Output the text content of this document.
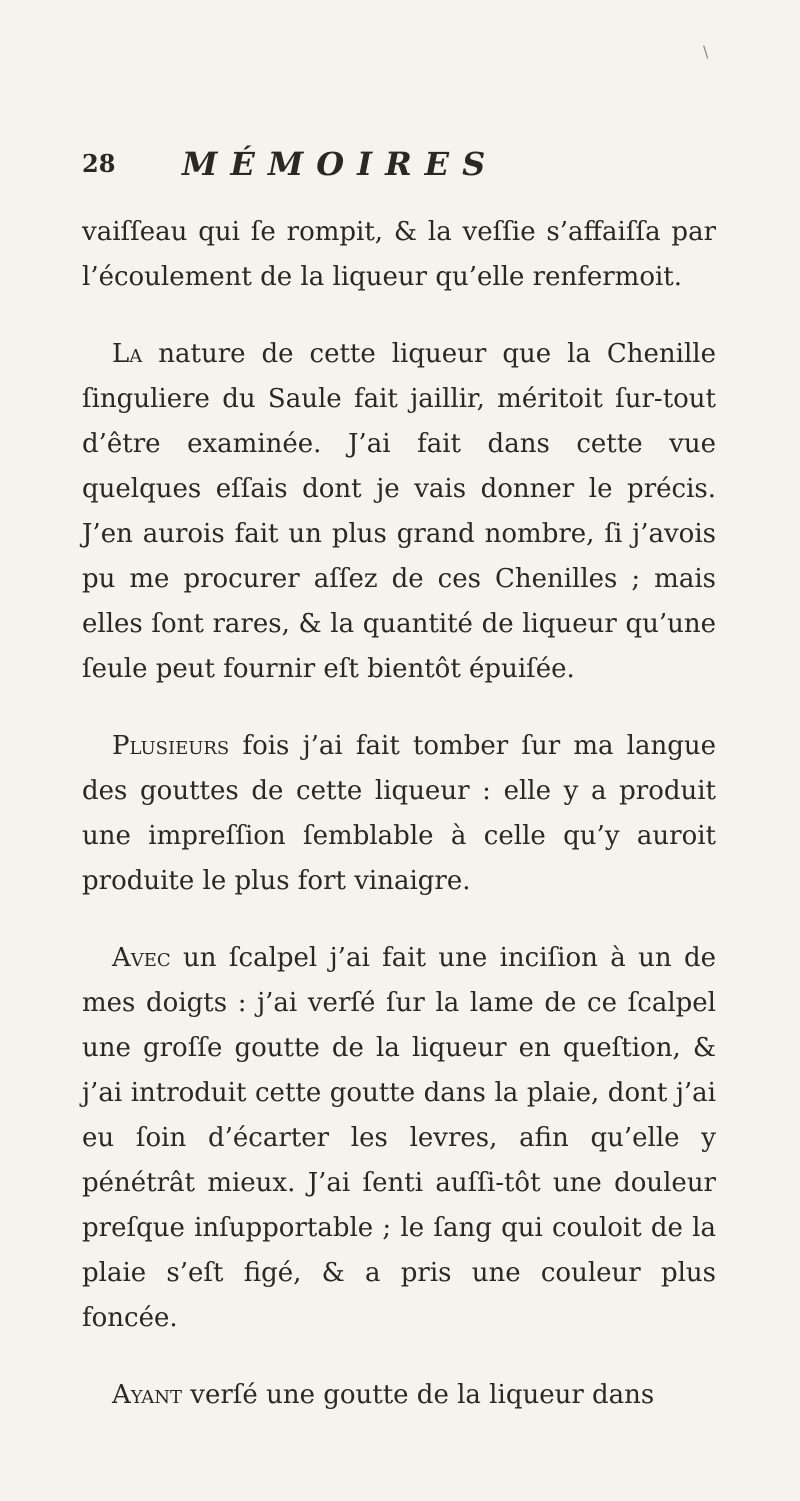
\
28 MÉMOIRES

vaiſſeau qui ſe rompit, & la veſſie s’affaiſſa par l’écoulement de la liqueur qu’elle renfermoit.

La nature de cette liqueur que la Chenille ſinguliere du Saule fait jaillir, méritoit ſur-tout d’être examinée. J’ai fait dans cette vue quelques eſſais dont je vais donner le précis. J’en aurois fait un plus grand nombre, ſi j’avois pu me procurer aſſez de ces Chenilles ; mais elles ſont rares, & la quantité de liqueur qu’une ſeule peut fournir eſt bientôt épuiſée.

Plusieurs fois j’ai fait tomber ſur ma langue des gouttes de cette liqueur : elle y a produit une impreſſion ſemblable à celle qu’y auroit produite le plus fort vinaigre.

Avec un ſcalpel j’ai fait une inciſion à un de mes doigts : j’ai verſé ſur la lame de ce ſcalpel une groſſe goutte de la liqueur en queſtion, & j’ai introduit cette goutte dans la plaie, dont j’ai eu ſoin d’écarter les levres, afin qu’elle y pénétrât mieux. J’ai ſenti auſſi-tôt une douleur preſque inſupportable ; le ſang qui couloit de la plaie s’eſt figé, & a pris une couleur plus foncée.

Ayant verſé une goutte de la liqueur dans
